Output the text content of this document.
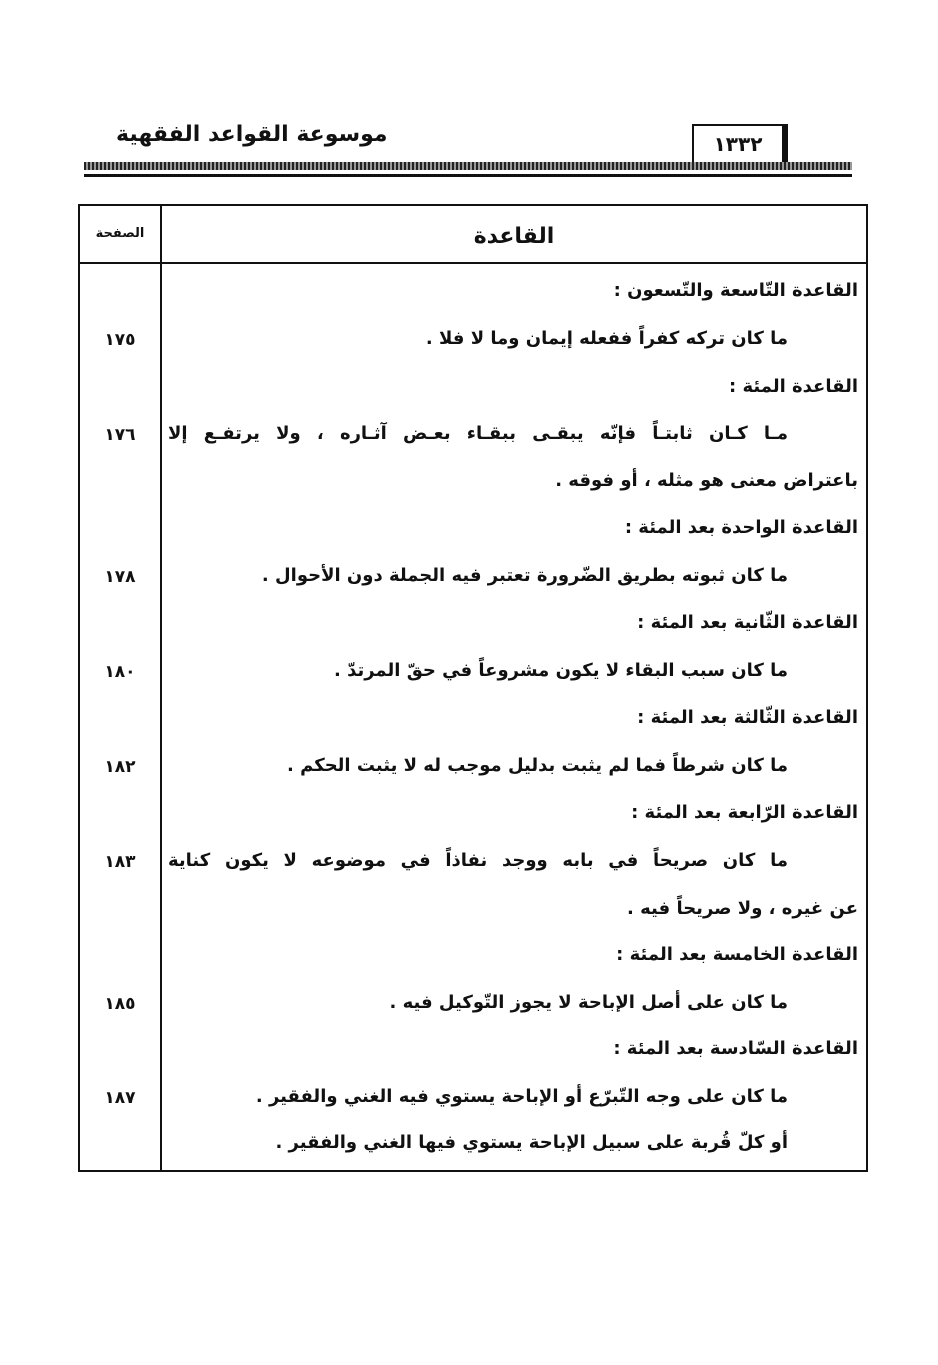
موسوعة القواعد الفقهية	١٣٣٢
الصفحة	القاعدة
القاعدة التّاسعة والتّسعون :
ما كان تركه كفراً ففعله إيمان وما لا فلا .
١٧٥
القاعدة المئة :
مـا كـان ثابتـاً فإنّه يبقـى ببقـاء بعـض آثـاره ، ولا يرتفـع إلا
١٧٦
باعتراض معنى هو مثله ، أو فوقه .
القاعدة الواحدة بعد المئة :
ما كان ثبوته بطريق الضّرورة تعتبر فيه الجملة دون الأحوال .
١٧٨
القاعدة الثّانية بعد المئة :
ما كان سبب البقاء لا يكون مشروعاً في حقّ المرتدّ .
١٨٠
القاعدة الثّالثة بعد المئة :
ما كان شرطاً فما لم يثبت بدليل موجب له لا يثبت الحكم .
١٨٢
القاعدة الرّابعة بعد المئة :
ما كان صريحاً في بابه ووجد نفاذاً في موضوعه لا يكون كناية
١٨٣
عن غيره ، ولا صريحاً فيه .
القاعدة الخامسة بعد المئة :
ما كان على أصل الإباحة لا يجوز التّوكيل فيه .
١٨٥
القاعدة السّادسة بعد المئة :
ما كان على وجه التّبرّع أو الإباحة يستوي فيه الغني والفقير .
١٨٧
أو كلّ قُربة على سبيل الإباحة يستوي فيها الغني والفقير .
